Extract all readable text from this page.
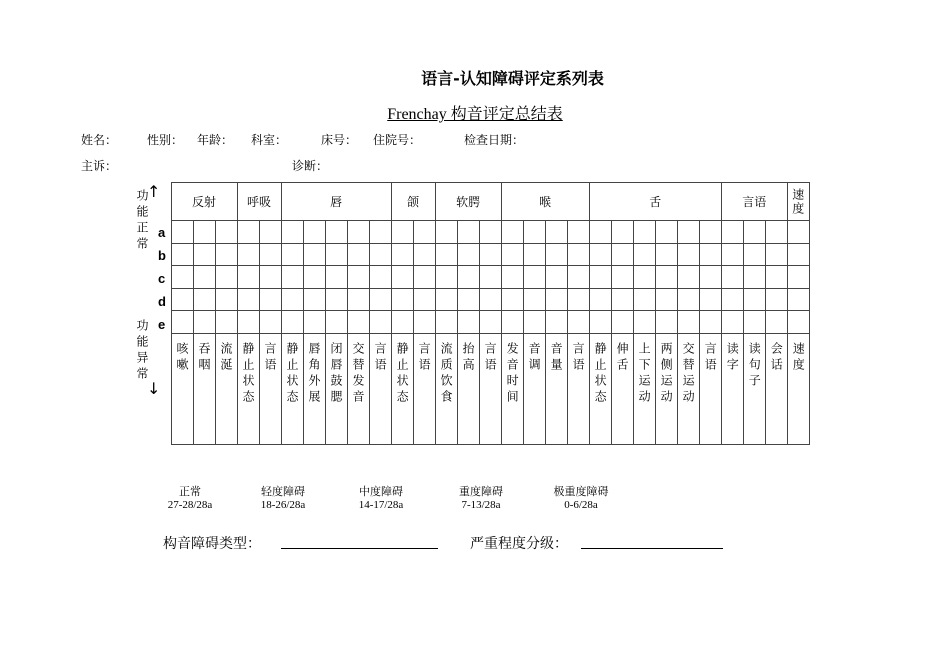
语言-认知障碍评定系列表
Frenchay 构音评定总结表
姓名： 性别： 年龄： 科室：	床号： 住院号：	检查日期：
主诉：	诊断：
	反射			呼吸		唇					颌		软腭			喉				舌						言语			速度

	咳嗽	吞咽	流涎	静止状态	言语	静止状态	唇角外展	闭唇鼓腮	交替发音	言语	静止状态	言语	流质饮食	抬高	言语	发音时间	音调	音量	言语	静止状态	伸舌	上下运动	两侧运动	交替运动	言语	读字	读句子	会话	速度
功能正常
↑
↓
功能异常
a
b
c
d
e
正常
27-28/28a
轻度障碍
18-26/28a
中度障碍
14-17/28a
重度障碍
7-13/28a
极重度障碍
0-6/28a
构音障碍类型：	严重程度分级：
